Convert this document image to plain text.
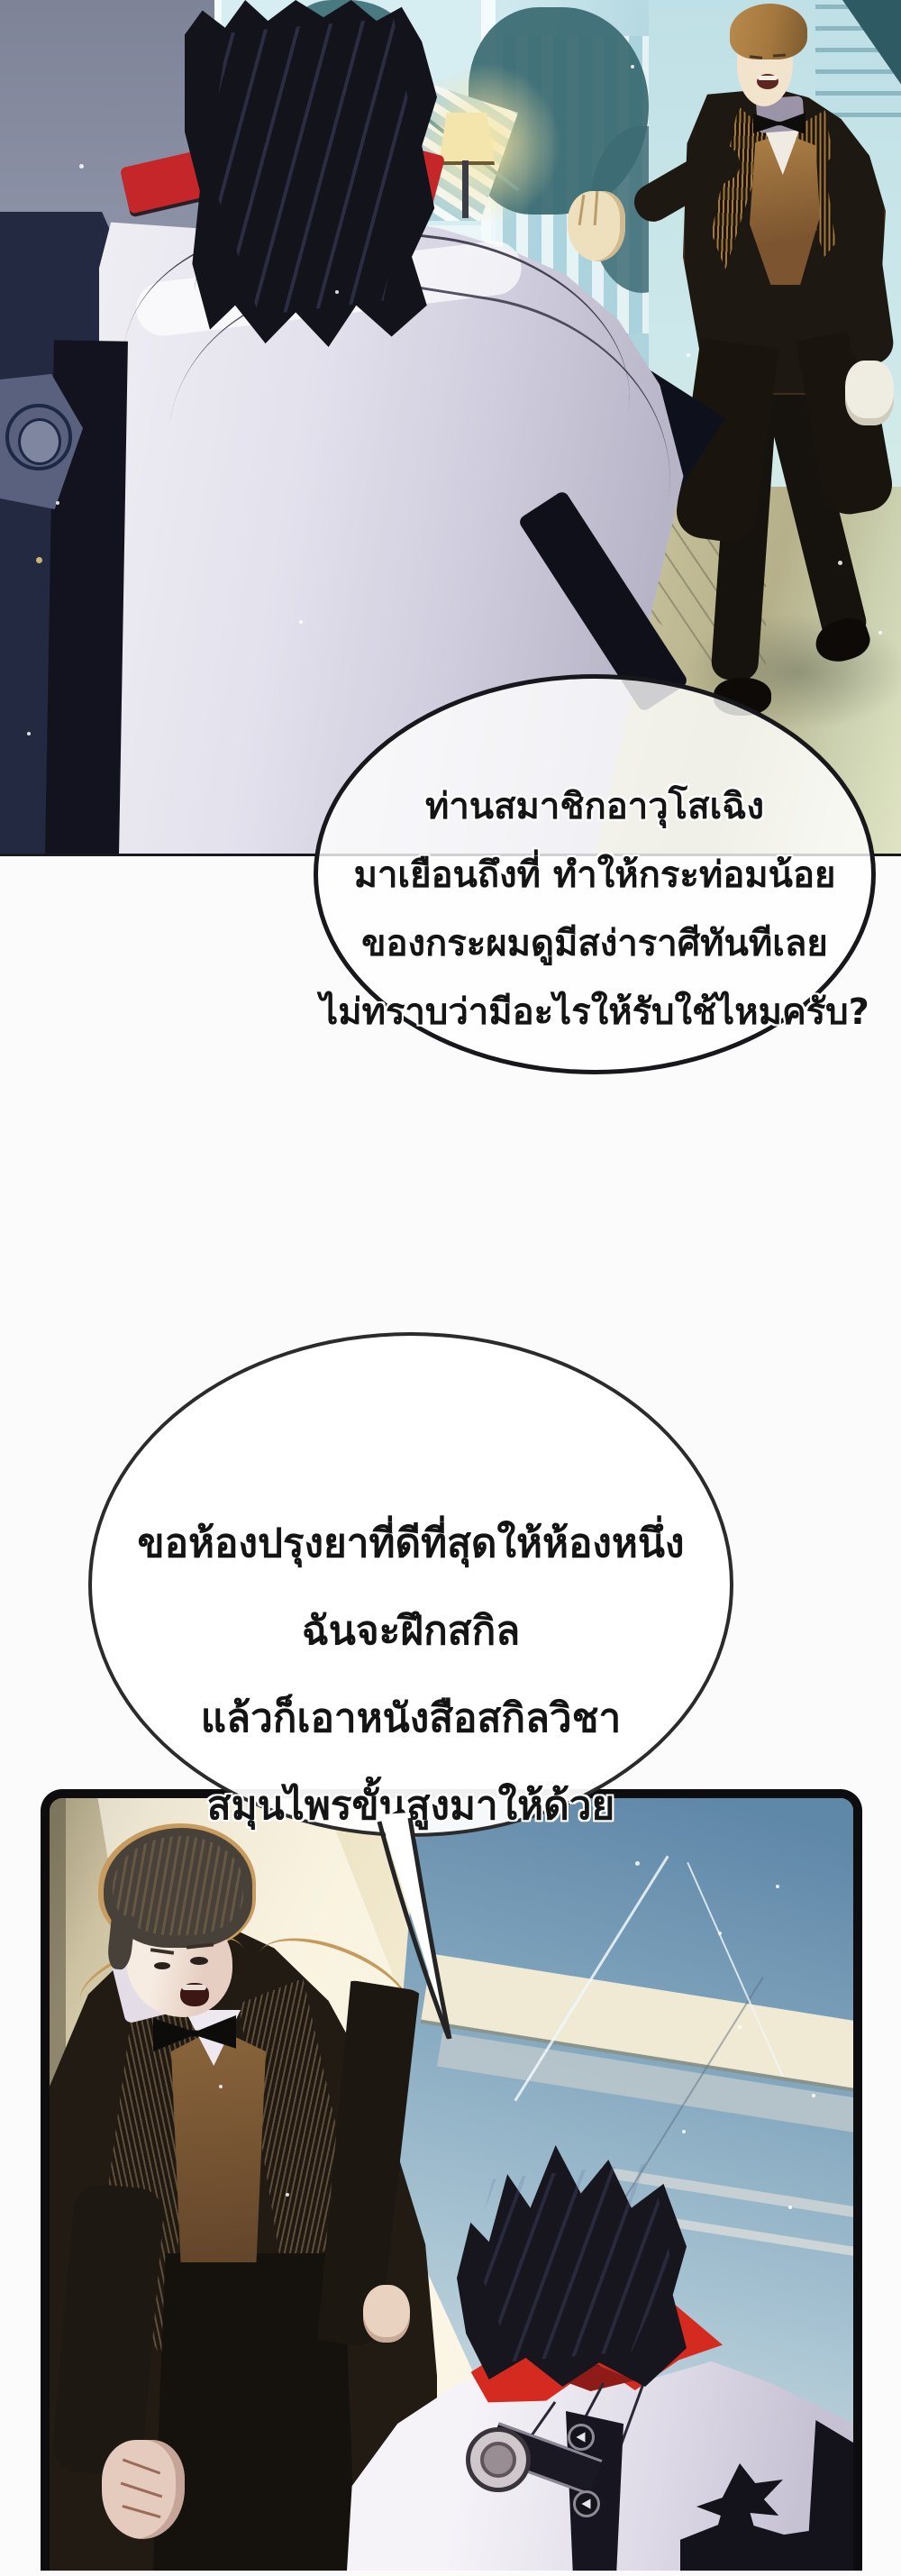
ท่านสมาชิกอาวุโสเฉิง
มาเยือนถึงที่ ทำให้กระท่อมน้อย
ของกระผมดูมีสง่าราศีทันทีเลย
ไม่ทราบว่ามีอะไรให้รับใช้ไหมครับ?
ขอห้องปรุงยาที่ดีที่สุดให้ห้องหนึ่ง
ฉันจะฝึกสกิล
แล้วก็เอาหนังสือสกิลวิชา
สมุนไพรขั้นสูงมาให้ด้วย
